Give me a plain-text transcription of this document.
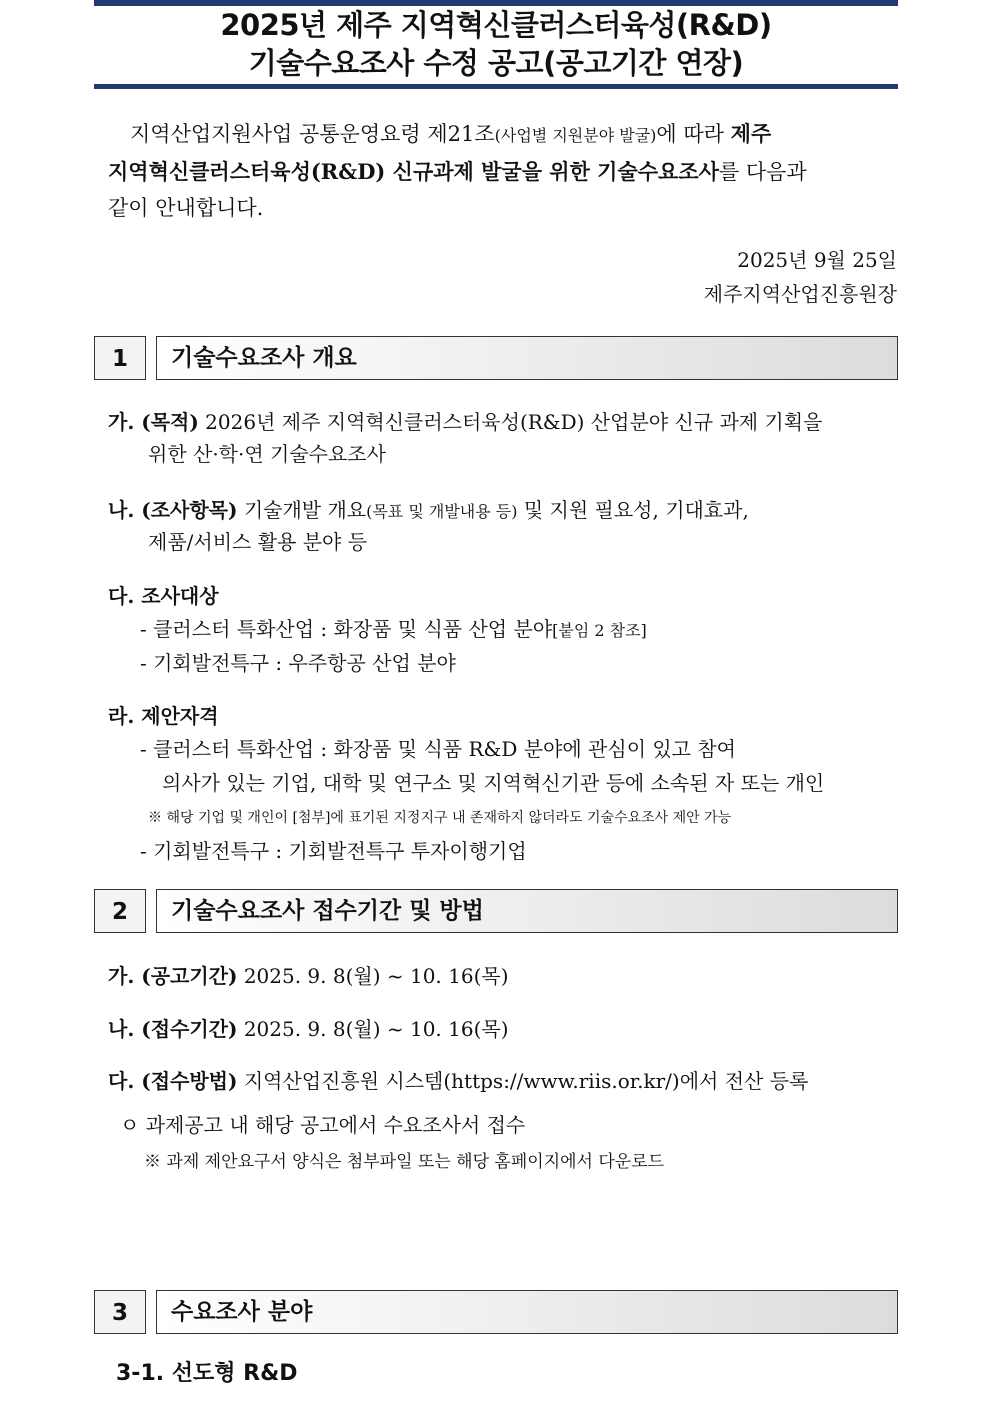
2025년 제주 지역혁신클러스터육성(R&D)
기술수요조사 수정 공고(공고기간 연장)
지역산업지원사업 공통운영요령 제21조(사업별 지원분야 발굴)에 따라 제주
지역혁신클러스터육성(R&D) 신규과제 발굴을 위한 기술수요조사를 다음과
같이 안내합니다.
2025년 9월 25일
제주지역산업진흥원장
1	기술수요조사 개요
가. (목적) 2026년 제주 지역혁신클러스터육성(R&D) 산업분야 신규 과제 기획을
위한 산·학·연 기술수요조사
나. (조사항목) 기술개발 개요(목표 및 개발내용 등) 및 지원 필요성, 기대효과,
제품/서비스 활용 분야 등
다. 조사대상
- 클러스터 특화산업 : 화장품 및 식품 산업 분야[붙임 2 참조]
- 기회발전특구 : 우주항공 산업 분야
라. 제안자격
- 클러스터 특화산업 : 화장품 및 식품 R&D 분야에 관심이 있고 참여
의사가 있는 기업, 대학 및 연구소 및 지역혁신기관 등에 소속된 자 또는 개인
※ 해당 기업 및 개인이 [첨부]에 표기된 지정지구 내 존재하지 않더라도 기술수요조사 제안 가능
- 기회발전특구 : 기회발전특구 투자이행기업
2	기술수요조사 접수기간 및 방법
가. (공고기간) 2025. 9. 8(월) ~ 10. 16(목)
나. (접수기간) 2025. 9. 8(월) ~ 10. 16(목)
다. (접수방법) 지역산업진흥원 시스템(https://www.riis.or.kr/)에서 전산 등록
ㅇ 과제공고 내 해당 공고에서 수요조사서 접수
※ 과제 제안요구서 양식은 첨부파일 또는 해당 홈페이지에서 다운로드
3	수요조사 분야
3-1. 선도형 R&D
